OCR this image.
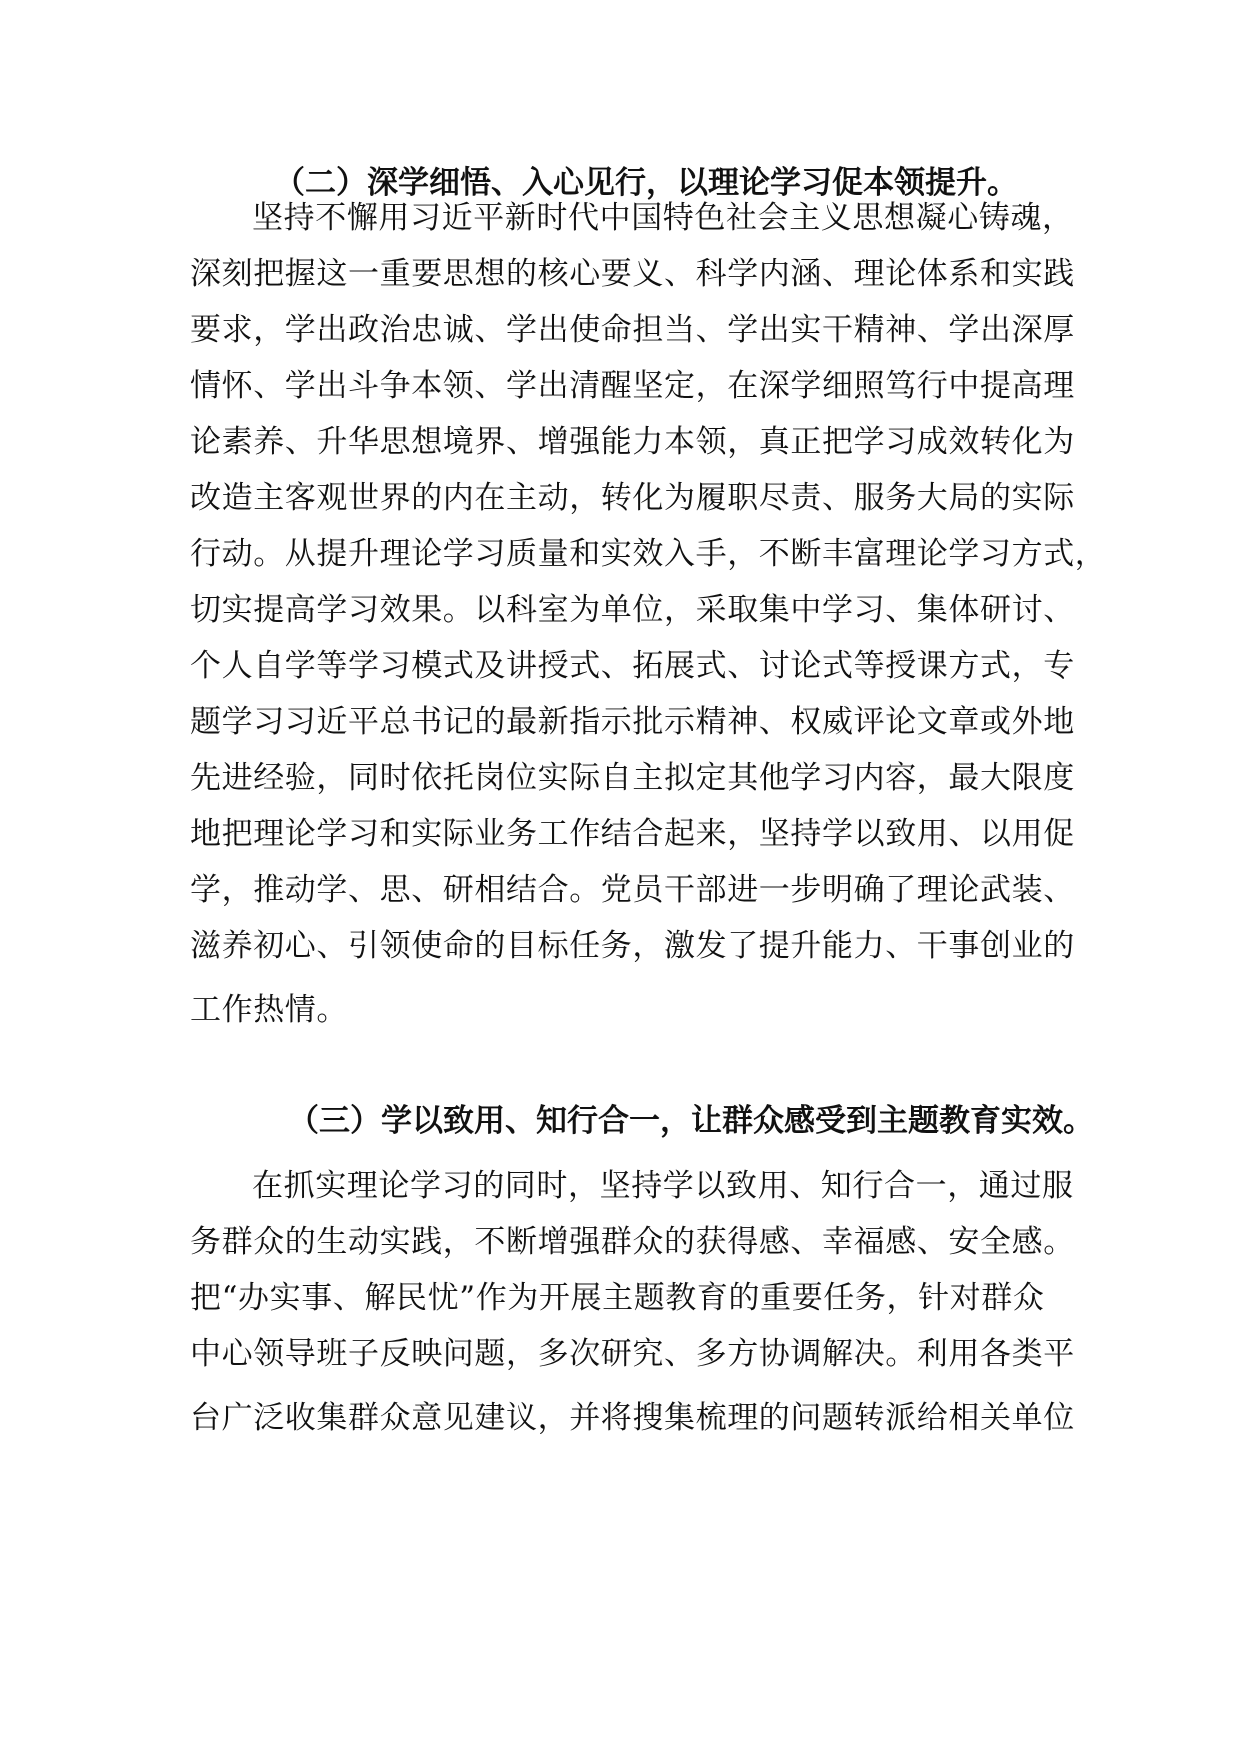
（二）深学细悟、入心见行，以理论学习促本领提升。
坚持不懈用习近平新时代中国特色社会主义思想凝心铸魂，
深刻把握这一重要思想的核心要义、科学内涵、理论体系和实践
要求，学出政治忠诚、学出使命担当、学出实干精神、学出深厚
情怀、学出斗争本领、学出清醒坚定，在深学细照笃行中提高理
论素养、升华思想境界、增强能力本领，真正把学习成效转化为
改造主客观世界的内在主动，转化为履职尽责、服务大局的实际
行动。从提升理论学习质量和实效入手，不断丰富理论学习方式，
切实提高学习效果。以科室为单位，采取集中学习、集体研讨、
个人自学等学习模式及讲授式、拓展式、讨论式等授课方式，专
题学习习近平总书记的最新指示批示精神、权威评论文章或外地
先进经验，同时依托岗位实际自主拟定其他学习内容，最大限度
地把理论学习和实际业务工作结合起来，坚持学以致用、以用促
学，推动学、思、研相结合。党员干部进一步明确了理论武装、
滋养初心、引领使命的目标任务，激发了提升能力、干事创业的
工作热情。
（三）学以致用、知行合一，让群众感受到主题教育实效。
在抓实理论学习的同时，坚持学以致用、知行合一，通过服
务群众的生动实践，不断增强群众的获得感、幸福感、安全感。
把“办实事、解民忧”作为开展主题教育的重要任务，针对群众
中心领导班子反映问题，多次研究、多方协调解决。利用各类平
台广泛收集群众意见建议，并将搜集梳理的问题转派给相关单位
